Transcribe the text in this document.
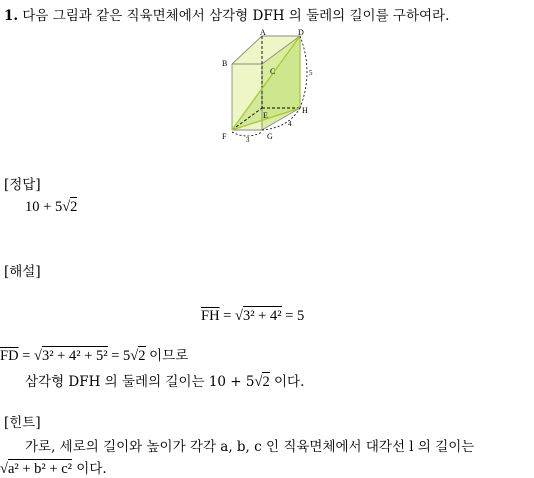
1. 다음 그림과 같은 직육면체에서 삼각형 DFH 의 둘레의 길이를 구하여라.
A
B
C
D
E
F	G
H
5
4
3
[정답]
10 + 5√2
[해설]
$\overline{FH} = √3^2 + 4^2 = 5$
$\overline{FD} = √3^2 + 4^2 + 5^2 = 5√2$ 이므로
삼각형 DFH 의 둘레의 길이는 10 + 5√2 이다.
[힌트]
가로, 세로의 길이와 높이가 각각 a, b, c 인 직육면체에서 대각선 l 의 길이는
√a² + b² + c² 이다.
